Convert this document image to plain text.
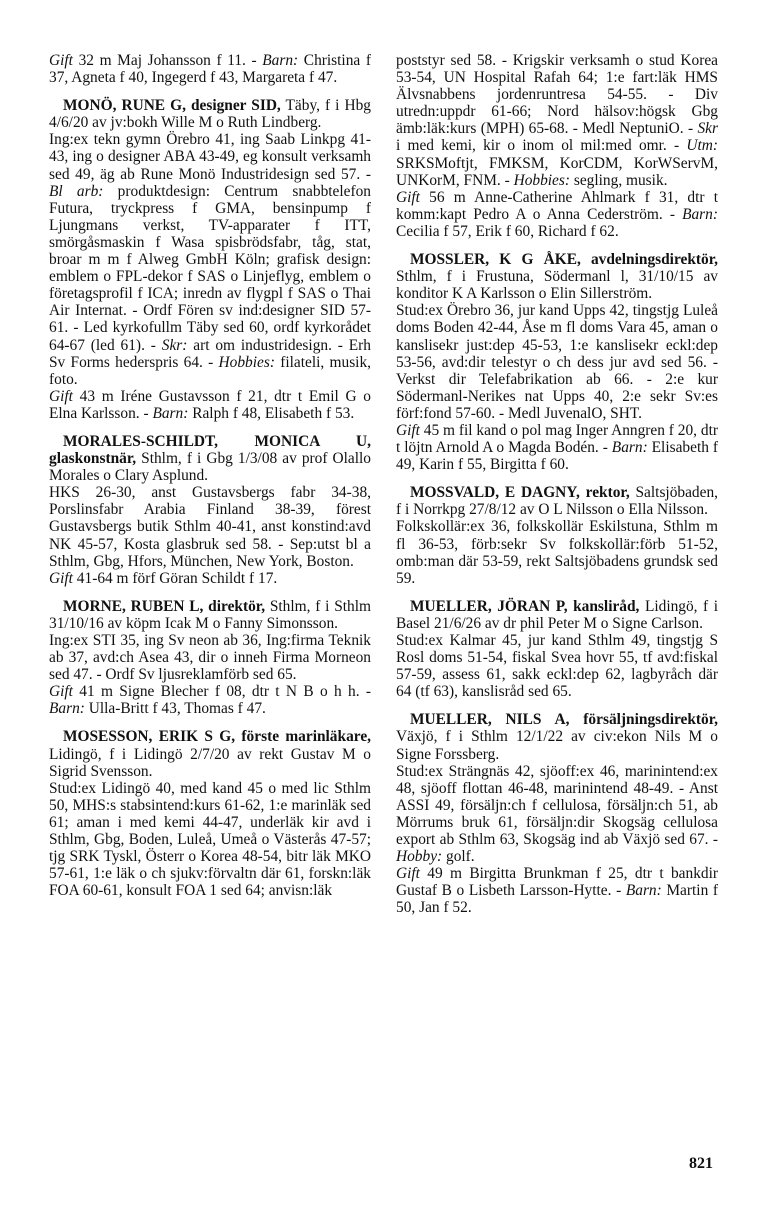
Gift 32 m Maj Johansson f 11. - Barn: Christina f 37, Agneta f 40, Ingegerd f 43, Margareta f 47.

MONÖ, RUNE G, designer SID, Täby, f i Hbg 4/6/20 av jv:bokh Wille M o Ruth Lindberg.

Ing:ex tekn gymn Örebro 41, ing Saab Linkpg 41-43, ing o designer ABA 43-49, eg konsult verksamh sed 49, äg ab Rune Monö Industridesign sed 57. - Bl arb: produktdesign: Centrum snabbtelefon Futura, tryckpress f GMA, bensinpump f Ljungmans verkst, TV-apparater f ITT, smörgåsmaskin f Wasa spisbrödsfabr, tåg, stat, broar m m f Alweg GmbH Köln; grafisk design: emblem o FPL-dekor f SAS o Linjeflyg, emblem o företagsprofil f ICA; inredn av flygpl f SAS o Thai Air Internat. - Ordf Fören sv ind:designer SID 57-61. - Led kyrkofullm Täby sed 60, ordf kyrkorådet 64-67 (led 61). - Skr: art om industridesign. - Erh Sv Forms hederspris 64. - Hobbies: filateli, musik, foto.

Gift 43 m Iréne Gustavsson f 21, dtr t Emil G o Elna Karlsson. - Barn: Ralph f 48, Elisabeth f 53.

MORALES-SCHILDT, MONICA U, glaskonstnär, Sthlm, f i Gbg 1/3/08 av prof Olallo Morales o Clary Asplund.

HKS 26-30, anst Gustavsbergs fabr 34-38, Porslinsfabr Arabia Finland 38-39, förest Gustavsbergs butik Sthlm 40-41, anst konstind:avd NK 45-57, Kosta glasbruk sed 58. - Sep:utst bl a Sthlm, Gbg, Hfors, München, New York, Boston.

Gift 41-64 m förf Göran Schildt f 17.

MORNE, RUBEN L, direktör, Sthlm, f i Sthlm 31/10/16 av köpm Icak M o Fanny Simonsson.

Ing:ex STI 35, ing Sv neon ab 36, Ing:firma Teknik ab 37, avd:ch Asea 43, dir o inneh Firma Morneon sed 47. - Ordf Sv ljusreklamförb sed 65.

Gift 41 m Signe Blecher f 08, dtr t N B o h h. - Barn: Ulla-Britt f 43, Thomas f 47.

MOSESSON, ERIK S G, förste marinläkare, Lidingö, f i Lidingö 2/7/20 av rekt Gustav M o Sigrid Svensson.

Stud:ex Lidingö 40, med kand 45 o med lic Sthlm 50, MHS:s stabsintend:kurs 61-62, 1:e marinläk sed 61; aman i med kemi 44-47, underläk kir avd i Sthlm, Gbg, Boden, Luleå, Umeå o Västerås 47-57; tjg SRK Tyskl, Österr o Korea 48-54, bitr läk MKO 57-61, 1:e läk o ch sjukv:förvaltn där 61, forskn:läk FOA 60-61, konsult FOA 1 sed 64; anvisn:läk

poststyr sed 58. - Krigskir verksamh o stud Korea 53-54, UN Hospital Rafah 64; 1:e fart:läk HMS Älvsnabbens jordenruntresa 54-55. - Div utredn:uppdr 61-66; Nord hälsov:högsk Gbg ämb:läk:kurs (MPH) 65-68. - Medl NeptuniO. - Skr i med kemi, kir o inom ol mil:med omr. - Utm: SRKSMoftjt, FMKSM, KorCDM, KorWServM, UNKorM, FNM. - Hobbies: segling, musik.

Gift 56 m Anne-Catherine Ahlmark f 31, dtr t komm:kapt Pedro A o Anna Cederström. - Barn: Cecilia f 57, Erik f 60, Richard f 62.

MOSSLER, K G ÅKE, avdelningsdirektör, Sthlm, f i Frustuna, Södermanl l, 31/10/15 av konditor K A Karlsson o Elin Sillerström.

Stud:ex Örebro 36, jur kand Upps 42, tingstjg Luleå doms Boden 42-44, Åse m fl doms Vara 45, aman o kanslisekr just:dep 45-53, 1:e kanslisekr eckl:dep 53-56, avd:dir telestyr o ch dess jur avd sed 56. - Verkst dir Telefabrikation ab 66. - 2:e kur Södermanl-Nerikes nat Upps 40, 2:e sekr Sv:es förf:fond 57-60. - Medl JuvenalO, SHT.

Gift 45 m fil kand o pol mag Inger Anngren f 20, dtr t löjtn Arnold A o Magda Bodén. - Barn: Elisabeth f 49, Karin f 55, Birgitta f 60.

MOSSVALD, E DAGNY, rektor, Saltsjöbaden, f i Norrkpg 27/8/12 av O L Nilsson o Ella Nilsson.

Folkskollär:ex 36, folkskollär Eskilstuna, Sthlm m fl 36-53, förb:sekr Sv folkskollär:förb 51-52, omb:man där 53-59, rekt Saltsjöbadens grundsk sed 59.

MUELLER, JÖRAN P, kansliråd, Lidingö, f i Basel 21/6/26 av dr phil Peter M o Signe Carlson.

Stud:ex Kalmar 45, jur kand Sthlm 49, tingstjg S Rosl doms 51-54, fiskal Svea hovr 55, tf avd:fiskal 57-59, assess 61, sakk eckl:dep 62, lagbyråch där 64 (tf 63), kanslisråd sed 65.

MUELLER, NILS A, försäljningsdirektör, Växjö, f i Sthlm 12/1/22 av civ:ekon Nils M o Signe Forssberg.

Stud:ex Strängnäs 42, sjöoff:ex 46, marinintend:ex 48, sjöoff flottan 46-48, marinintend 48-49. - Anst ASSI 49, försäljn:ch f cellulosa, försäljn:ch 51, ab Mörrums bruk 61, försäljn:dir Skogsäg cellulosa export ab Sthlm 63, Skogsäg ind ab Växjö sed 67. - Hobby: golf.

Gift 49 m Birgitta Brunkman f 25, dtr t bankdir Gustaf B o Lisbeth Larsson-Hytte. - Barn: Martin f 50, Jan f 52.

821
